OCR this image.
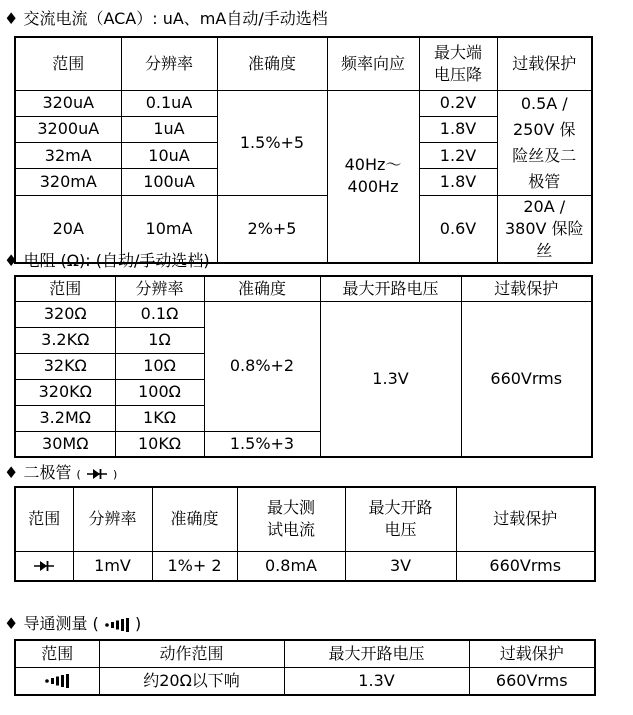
♦ 交流电流（ACA）: uA、mA自动/手动选档
范围	分辨率	准确度	频率向应	最大端电压降	过载保护
320uA	0.1uA	1.5%+5	40Hz～400Hz	0.2V	0.5A / 250V 保险丝及二极管
3200uA	1uA			1.8V	
32mA	10uA			1.2V	
320mA	100uA			1.8V	
20A	10mA	2%+5		0.6V	20A / 380V 保险丝
♦ 电阻 (Ω): (自动/手动选档)
范围	分辨率	准确度	最大开路电压	过载保护
320Ω	0.1Ω	0.8%+2	1.3V	660Vrms
3.2KΩ	1Ω			
32KΩ	10Ω			
320KΩ	100Ω			
3.2MΩ	1KΩ			
30MΩ	10KΩ	1.5%+3		
♦ 二极管 (	)
范围	分辨率	准确度	最大测试电流	最大开路电压	过载保护
	1mV	1%+ 2	0.8mA	3V	660Vrms
♦ 导通测量 ( )
范围	动作范围	最大开路电压	过载保护
	约20Ω以下响	1.3V	660Vrms
